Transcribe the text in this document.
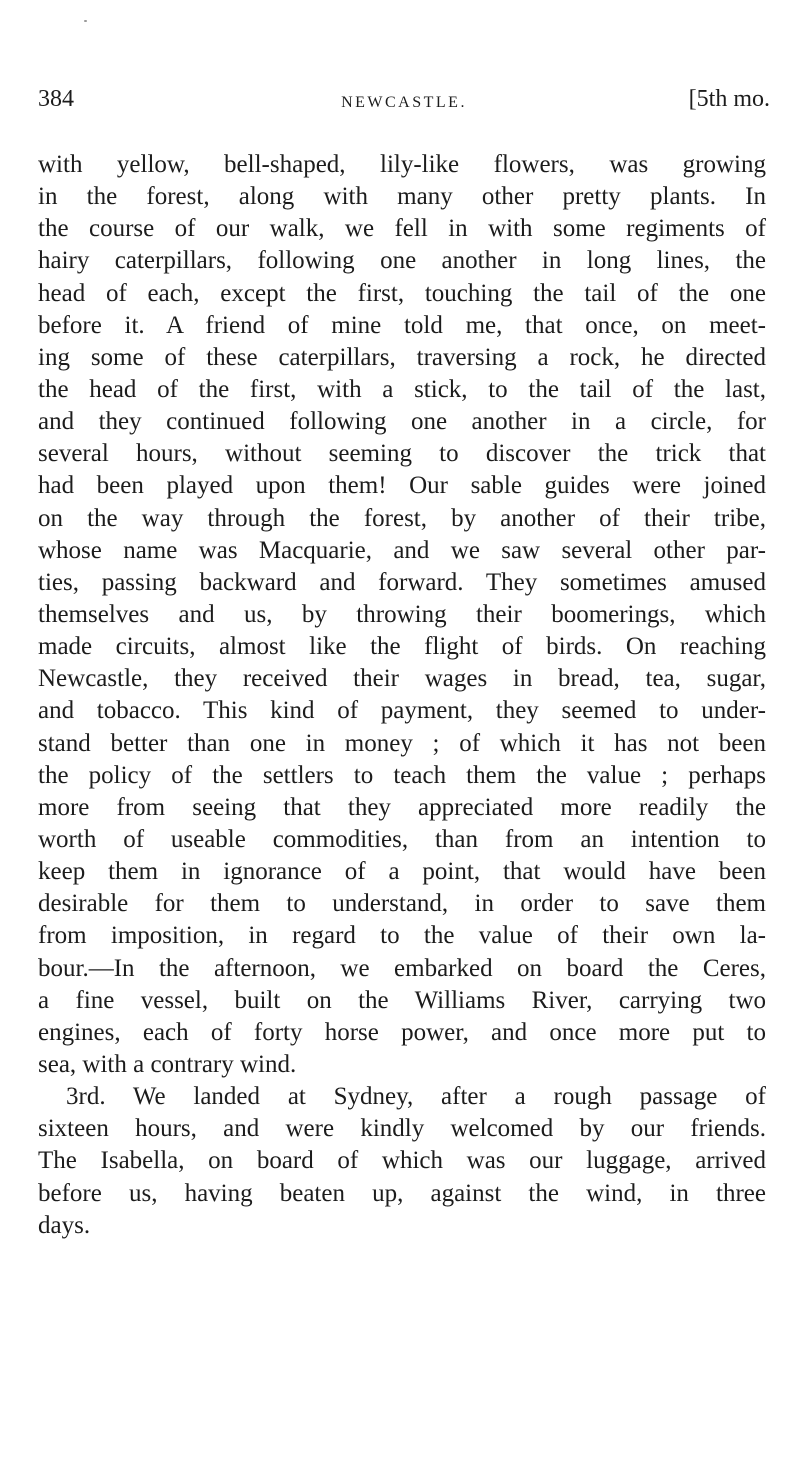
384	NEWCASTLE.	[5th mo.
with yellow, bell-shaped, lily-like flowers, was growing
in the forest, along with many other pretty plants. In
the course of our walk, we fell in with some regiments of
hairy caterpillars, following one another in long lines, the
head of each, except the first, touching the tail of the one
before it. A friend of mine told me, that once, on meet-
ing some of these caterpillars, traversing a rock, he directed
the head of the first, with a stick, to the tail of the last,
and they continued following one another in a circle, for
several hours, without seeming to discover the trick that
had been played upon them! Our sable guides were joined
on the way through the forest, by another of their tribe,
whose name was Macquarie, and we saw several other par-
ties, passing backward and forward. They sometimes amused
themselves and us, by throwing their boomerings, which
made circuits, almost like the flight of birds. On reaching
Newcastle, they received their wages in bread, tea, sugar,
and tobacco. This kind of payment, they seemed to under-
stand better than one in money ; of which it has not been
the policy of the settlers to teach them the value ; perhaps
more from seeing that they appreciated more readily the
worth of useable commodities, than from an intention to
keep them in ignorance of a point, that would have been
desirable for them to understand, in order to save them
from imposition, in regard to the value of their own la-
bour.—In the afternoon, we embarked on board the Ceres,
a fine vessel, built on the Williams River, carrying two
engines, each of forty horse power, and once more put to
sea, with a contrary wind.
3rd. We landed at Sydney, after a rough passage of
sixteen hours, and were kindly welcomed by our friends.
The Isabella, on board of which was our luggage, arrived
before us, having beaten up, against the wind, in three
days.
